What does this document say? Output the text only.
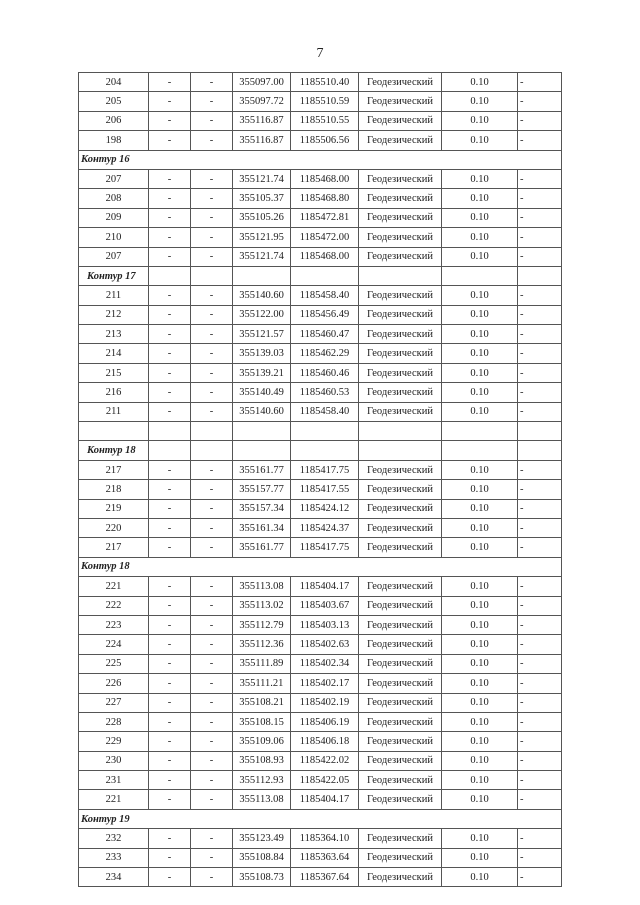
7
204	-	-	355097.00	1185510.40	Геодезический	0.10	-
205	-	-	355097.72	1185510.59	Геодезический	0.10	-
206	-	-	355116.87	1185510.55	Геодезический	0.10	-
198	-	-	355116.87	1185506.56	Геодезический	0.10	-
Контур 16							
207	-	-	355121.74	1185468.00	Геодезический	0.10	-
208	-	-	355105.37	1185468.80	Геодезический	0.10	-
209	-	-	355105.26	1185472.81	Геодезический	0.10	-
210	-	-	355121.95	1185472.00	Геодезический	0.10	-
207	-	-	355121.74	1185468.00	Геодезический	0.10	-
Контур 17							
211	-	-	355140.60	1185458.40	Геодезический	0.10	-
212	-	-	355122.00	1185456.49	Геодезический	0.10	-
213	-	-	355121.57	1185460.47	Геодезический	0.10	-
214	-	-	355139.03	1185462.29	Геодезический	0.10	-
215	-	-	355139.21	1185460.46	Геодезический	0.10	-
216	-	-	355140.49	1185460.53	Геодезический	0.10	-
211	-	-	355140.60	1185458.40	Геодезический	0.10	-

Контур 18							
217	-	-	355161.77	1185417.75	Геодезический	0.10	-
218	-	-	355157.77	1185417.55	Геодезический	0.10	-
219	-	-	355157.34	1185424.12	Геодезический	0.10	-
220	-	-	355161.34	1185424.37	Геодезический	0.10	-
217	-	-	355161.77	1185417.75	Геодезический	0.10	-
Контур 18							
221	-	-	355113.08	1185404.17	Геодезический	0.10	-
222	-	-	355113.02	1185403.67	Геодезический	0.10	-
223	-	-	355112.79	1185403.13	Геодезический	0.10	-
224	-	-	355112.36	1185402.63	Геодезический	0.10	-
225	-	-	355111.89	1185402.34	Геодезический	0.10	-
226	-	-	355111.21	1185402.17	Геодезический	0.10	-
227	-	-	355108.21	1185402.19	Геодезический	0.10	-
228	-	-	355108.15	1185406.19	Геодезический	0.10	-
229	-	-	355109.06	1185406.18	Геодезический	0.10	-
230	-	-	355108.93	1185422.02	Геодезический	0.10	-
231	-	-	355112.93	1185422.05	Геодезический	0.10	-
221	-	-	355113.08	1185404.17	Геодезический	0.10	-
Контур 19							
232	-	-	355123.49	1185364.10	Геодезический	0.10	-
233	-	-	355108.84	1185363.64	Геодезический	0.10	-
234	-	-	355108.73	1185367.64	Геодезический	0.10	-
